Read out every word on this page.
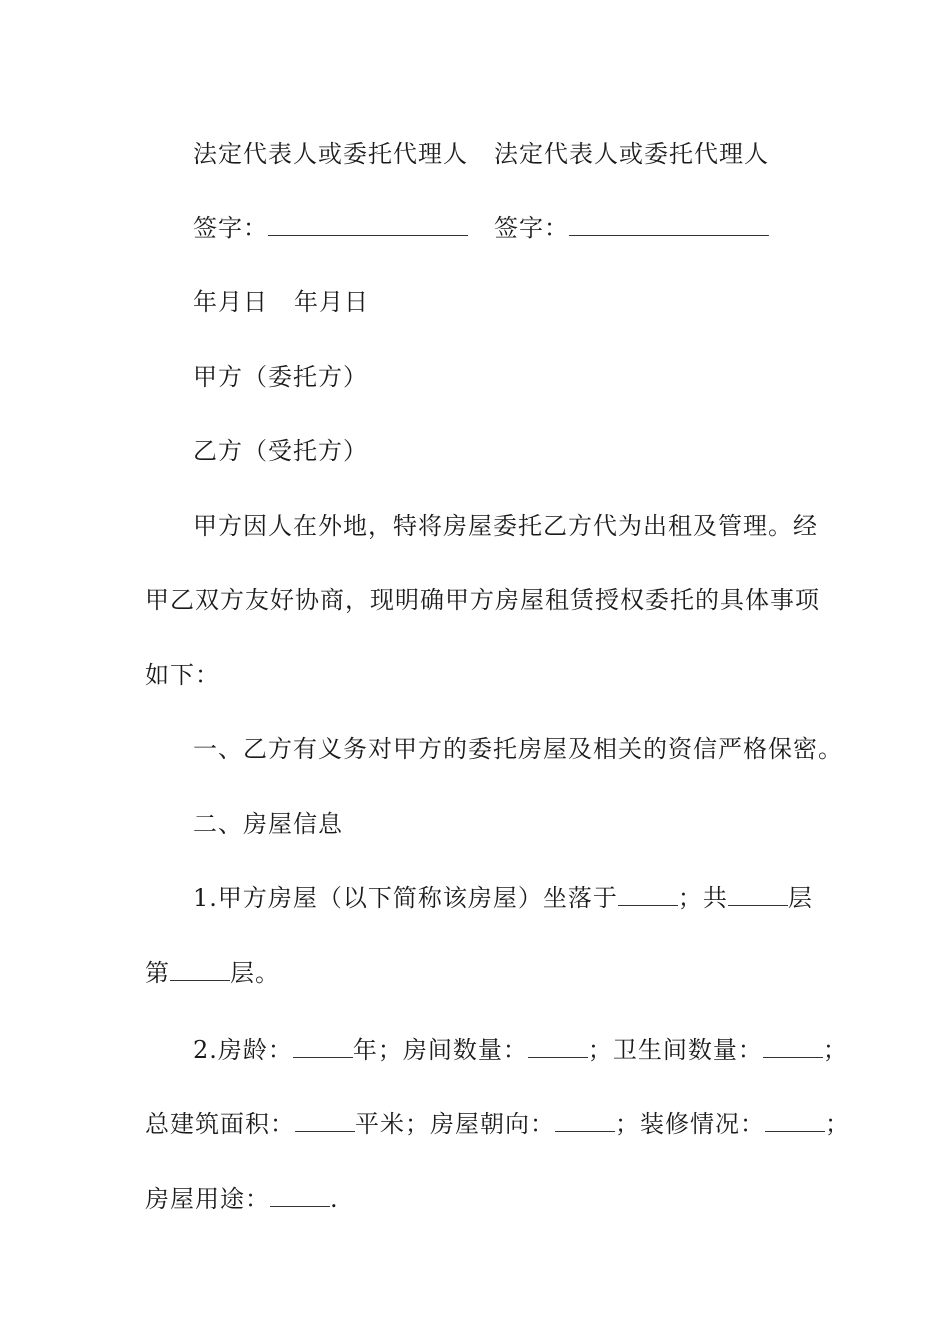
法定代表人或委托代理人 法定代表人或委托代理人
签字：	签字：
年月日 年月日
甲方（委托方）
乙方（受托方）
甲方因人在外地，特将房屋委托乙方代为出租及管理。经
甲乙双方友好协商，现明确甲方房屋租赁授权委托的具体事项
如下：
一、乙方有义务对甲方的委托房屋及相关的资信严格保密。
二、房屋信息
1.甲方房屋（以下简称该房屋）坐落于	；共	层
第	层。
2.房龄：	年；房间数量：	；卫生间数量：	；
总建筑面积：	平米；房屋朝向：	；装修情况：	；
房屋用途：	.
